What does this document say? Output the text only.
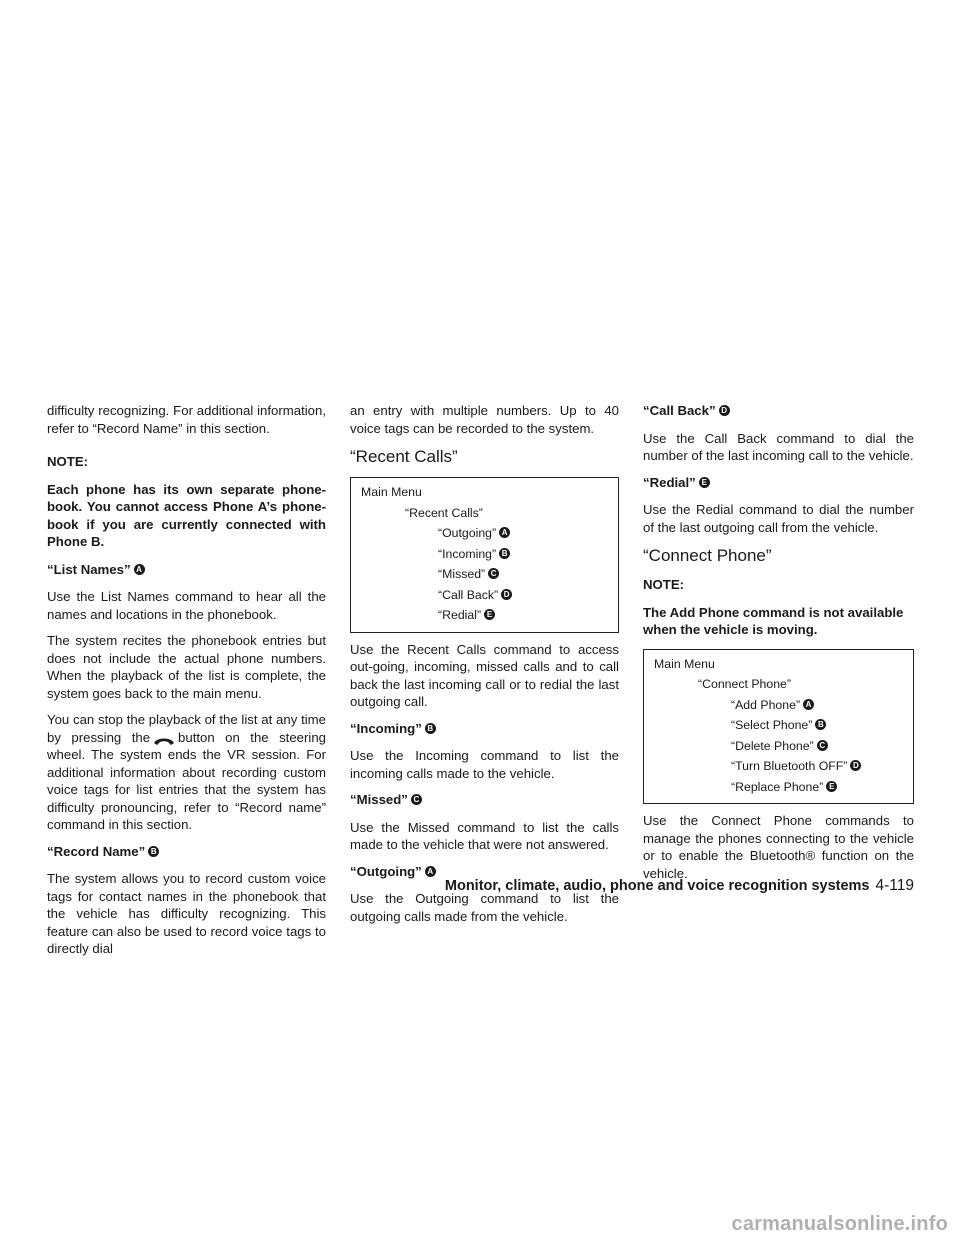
difficulty recognizing. For additional information, refer to “Record Name” in this section.

NOTE:

Each phone has its own separate phone-book. You cannot access Phone A’s phone-book if you are currently connected with Phone B.

“List Names” A

Use the List Names command to hear all the names and locations in the phonebook.

The system recites the phonebook entries but does not include the actual phone numbers. When the playback of the list is complete, the system goes back to the main menu.

You can stop the playback of the list at any time by pressing the button on the steering wheel. The system ends the VR session. For additional information about recording custom voice tags for list entries that the system has difficulty pronouncing, refer to “Record name” command in this section.

“Record Name” B

The system allows you to record custom voice tags for contact names in the phonebook that the vehicle has difficulty recognizing. This feature can also be used to record voice tags to directly dial

an entry with multiple numbers. Up to 40 voice tags can be recorded to the system.

“Recent Calls”
Main Menu
“Recent Calls”
“Outgoing” A
“Incoming” B
“Missed” C
“Call Back” D
“Redial” E

Use the Recent Calls command to access out-going, incoming, missed calls and to call back the last incoming call or to redial the last outgoing call.

“Incoming” B

Use the Incoming command to list the incoming calls made to the vehicle.

“Missed” C

Use the Missed command to list the calls made to the vehicle that were not answered.

“Outgoing” A

Use the Outgoing command to list the outgoing calls made from the vehicle.

“Call Back” D

Use the Call Back command to dial the number of the last incoming call to the vehicle.

“Redial” E

Use the Redial command to dial the number of the last outgoing call from the vehicle.

“Connect Phone”

NOTE:

The Add Phone command is not available when the vehicle is moving.

Main Menu
“Connect Phone”
“Add Phone” A
“Select Phone” B
“Delete Phone” C
“Turn Bluetooth OFF” D
“Replace Phone” E

Use the Connect Phone commands to manage the phones connecting to the vehicle or to enable the Bluetooth® function on the vehicle.

Monitor, climate, audio, phone and voice recognition systems 4-119
carmanualsonline.info
